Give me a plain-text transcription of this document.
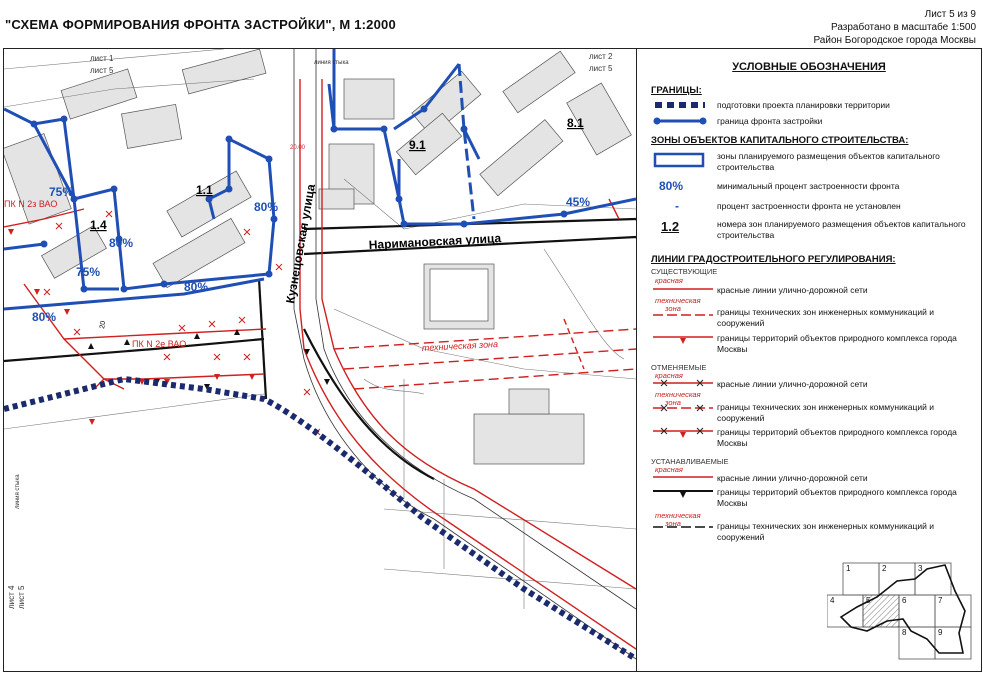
"СХЕМА ФОРМИРОВАНИЯ ФРОНТА ЗАСТРОЙКИ", М 1:2000
Лист 5 из 9
Разработано в масштабе 1:500
Район Богородское города Москвы
Кузнецовская улица	Наримановская улица
1.1
1.4
9.1
8.1
75%
80%
75%
80%
80%
80%	45%
ПК N 2з ВАО
ПК N 2е ВАО	техническая зона
лист 1
лист 5
лист 2
лист 5
лист 4 лист 5
линия стыка
линия стыка
20.00
20
УСЛОВНЫЕ ОБОЗНАЧЕНИЯ
ГРАНИЦЫ:
подготовки проекта планировки территории
граница фронта застройки
ЗОНЫ ОБЪЕКТОВ КАПИТАЛЬНОГО СТРОИТЕЛЬСТВА:
зоны планируемого размещения объектов капитального строительства
80%	минимальный процент застроенности фронта
-	процент застроенности фронта не установлен
1.2	номера зон планируемого размещения объектов капитального строительства
ЛИНИИ ГРАДОСТРОИТЕЛЬНОГО РЕГУЛИРОВАНИЯ:
СУЩЕСТВУЮЩИЕ
красная
красные линии улично-дорожной сети
техническая
зона	границы технических зон инженерных коммуникаций и сооружений
границы территорий объектов природного комплекса города Москвы
ОТМЕНЯЕМЫЕ
красная
красные линии улично-дорожной сети
техническая
зона	границы технических зон инженерных коммуникаций и сооружений
границы территорий объектов природного комплекса города Москвы
УСТАНАВЛИВАЕМЫЕ
красная
красные линии улично-дорожной сети
границы территорий объектов природного комплекса города Москвы
техническая
зона	границы технических зон инженерных коммуникаций и сооружений
1	2	3
4	5	6	7
8	9
